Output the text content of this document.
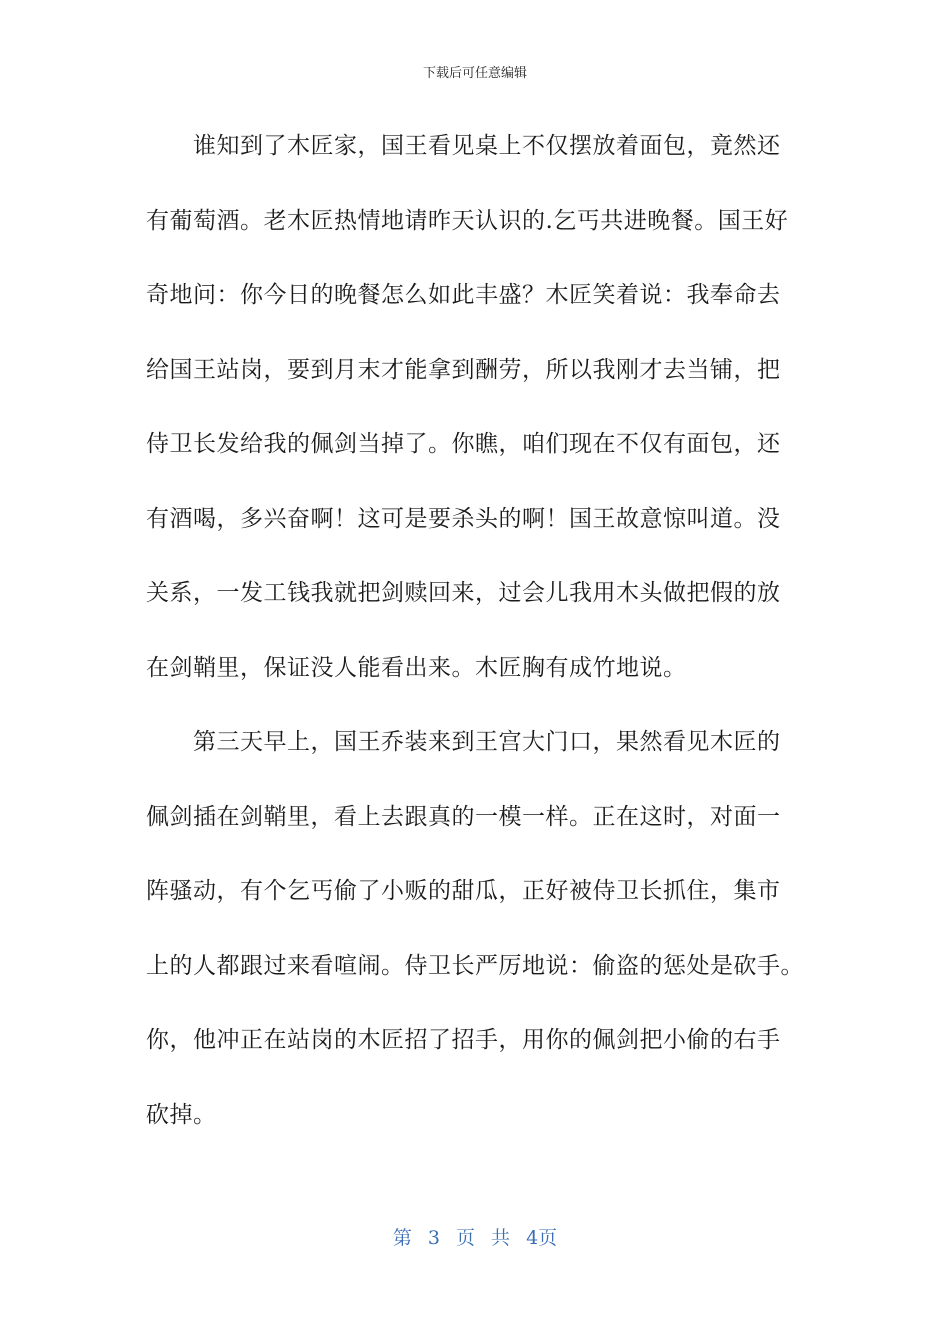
下载后可任意编辑
谁知到了木匠家，国王看见桌上不仅摆放着面包，竟然还
有葡萄酒。老木匠热情地请昨天认识的.乞丐共进晚餐。国王好
奇地问：你今日的晚餐怎么如此丰盛？木匠笑着说：我奉命去
给国王站岗，要到月末才能拿到酬劳，所以我刚才去当铺，把
侍卫长发给我的佩剑当掉了。你瞧，咱们现在不仅有面包，还
有酒喝，多兴奋啊！这可是要杀头的啊！国王故意惊叫道。没
关系，一发工钱我就把剑赎回来，过会儿我用木头做把假的放
在剑鞘里，保证没人能看出来。木匠胸有成竹地说。
第三天早上，国王乔装来到王宫大门口，果然看见木匠的
佩剑插在剑鞘里，看上去跟真的一模一样。正在这时，对面一
阵骚动，有个乞丐偷了小贩的甜瓜，正好被侍卫长抓住，集市
上的人都跟过来看喧闹。侍卫长严厉地说：偷盗的惩处是砍手。
你，他冲正在站岗的木匠招了招手，用你的佩剑把小偷的右手
砍掉。
第 3 页 共 4页
